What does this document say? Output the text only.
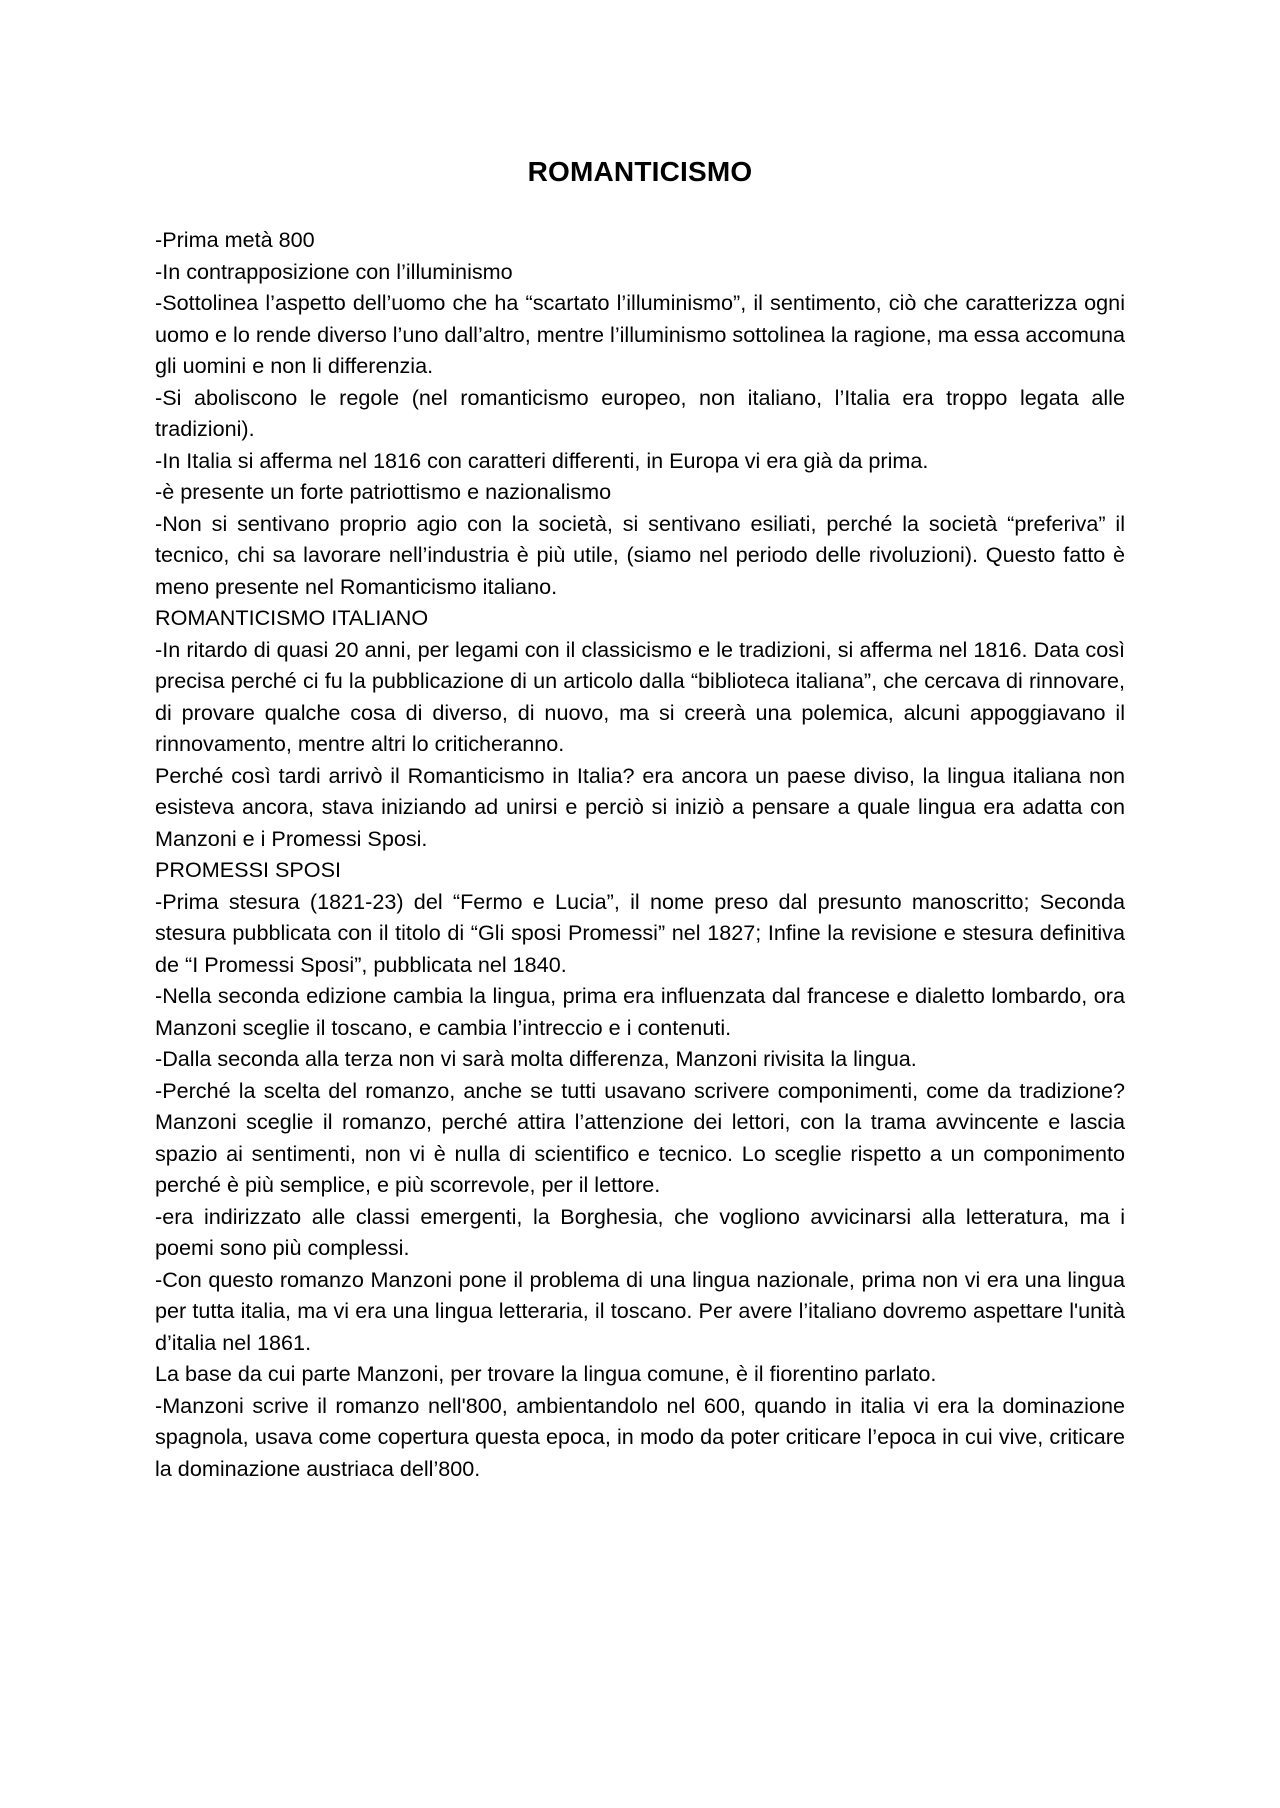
ROMANTICISMO

-Prima metà 800

-In contrapposizione con l’illuminismo

-Sottolinea l’aspetto dell’uomo che ha “scartato l’illuminismo”, il sentimento, ciò che caratterizza ogni uomo e lo rende diverso l’uno dall’altro, mentre l’illuminismo sottolinea la ragione, ma essa accomuna gli uomini e non li differenzia.

-Si aboliscono le regole (nel romanticismo europeo, non italiano, l’Italia era troppo legata alle tradizioni).

-In Italia si afferma nel 1816 con caratteri differenti, in Europa vi era già da prima.

-è presente un forte patriottismo e nazionalismo

-Non si sentivano proprio agio con la società, si sentivano esiliati, perché la società “preferiva” il tecnico, chi sa lavorare nell’industria è più utile, (siamo nel periodo delle rivoluzioni). Questo fatto è meno presente nel Romanticismo italiano.

ROMANTICISMO ITALIANO

-In ritardo di quasi 20 anni, per legami con il classicismo e le tradizioni, si afferma nel 1816. Data così precisa perché ci fu la pubblicazione di un articolo dalla “biblioteca italiana”, che cercava di rinnovare, di provare qualche cosa di diverso, di nuovo, ma si creerà una polemica, alcuni appoggiavano il rinnovamento, mentre altri lo criticheranno.

Perché così tardi arrivò il Romanticismo in Italia? era ancora un paese diviso, la lingua italiana non esisteva ancora, stava iniziando ad unirsi e perciò si iniziò a pensare a quale lingua era adatta con Manzoni e i Promessi Sposi.

PROMESSI SPOSI

-Prima stesura (1821-23) del “Fermo e Lucia”, il nome preso dal presunto manoscritto; Seconda stesura pubblicata con il titolo di “Gli sposi Promessi” nel 1827; Infine la revisione e stesura definitiva de “I Promessi Sposi”, pubblicata nel 1840.

-Nella seconda edizione cambia la lingua, prima era influenzata dal francese e dialetto lombardo, ora Manzoni sceglie il toscano, e cambia l’intreccio e i contenuti.

-Dalla seconda alla terza non vi sarà molta differenza, Manzoni rivisita la lingua.

-Perché la scelta del romanzo, anche se tutti usavano scrivere componimenti, come da tradizione? Manzoni sceglie il romanzo, perché attira l’attenzione dei lettori, con la trama avvincente e lascia spazio ai sentimenti, non vi è nulla di scientifico e tecnico. Lo sceglie rispetto a un componimento perché è più semplice, e più scorrevole, per il lettore.

-era indirizzato alle classi emergenti, la Borghesia, che vogliono avvicinarsi alla letteratura, ma i poemi sono più complessi.

-Con questo romanzo Manzoni pone il problema di una lingua nazionale, prima non vi era una lingua per tutta italia, ma vi era una lingua letteraria, il toscano. Per avere l’italiano dovremo aspettare l'unità d’italia nel 1861.

La base da cui parte Manzoni, per trovare la lingua comune, è il fiorentino parlato.

-Manzoni scrive il romanzo nell'800, ambientandolo nel 600, quando in italia vi era la dominazione spagnola, usava come copertura questa epoca, in modo da poter criticare l’epoca in cui vive, criticare la dominazione austriaca dell’800.
